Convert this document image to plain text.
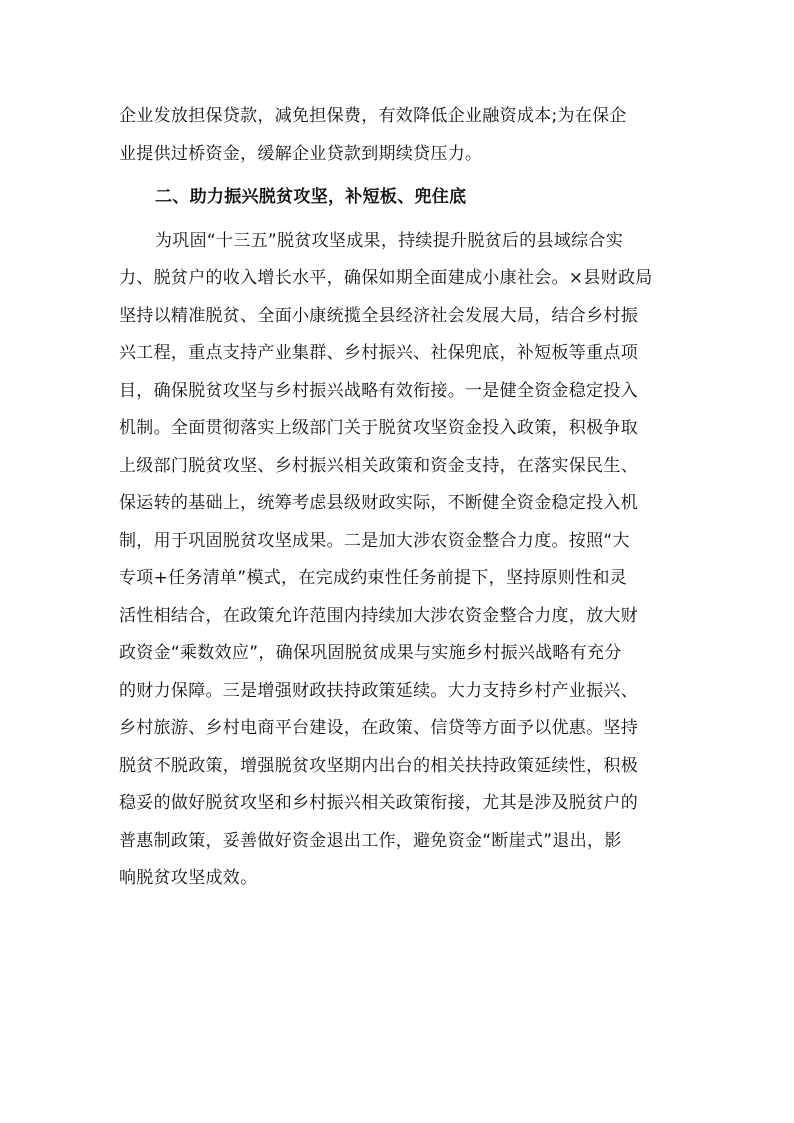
企业发放担保贷款，减免担保费，有效降低企业融资成本;为在保企
业提供过桥资金，缓解企业贷款到期续贷压力。
二、助力振兴脱贫攻坚，补短板、兜住底
为巩固“十三五”脱贫攻坚成果，持续提升脱贫后的县域综合实
力、脱贫户的收入增长水平，确保如期全面建成小康社会。×县财政局
坚持以精准脱贫、全面小康统揽全县经济社会发展大局，结合乡村振
兴工程，重点支持产业集群、乡村振兴、社保兜底，补短板等重点项
目，确保脱贫攻坚与乡村振兴战略有效衔接。一是健全资金稳定投入
机制。全面贯彻落实上级部门关于脱贫攻坚资金投入政策，积极争取
上级部门脱贫攻坚、乡村振兴相关政策和资金支持，在落实保民生、
保运转的基础上，统筹考虑县级财政实际，不断健全资金稳定投入机
制，用于巩固脱贫攻坚成果。二是加大涉农资金整合力度。按照“大
专项+任务清单”模式，在完成约束性任务前提下，坚持原则性和灵
活性相结合，在政策允许范围内持续加大涉农资金整合力度，放大财
政资金“乘数效应”，确保巩固脱贫成果与实施乡村振兴战略有充分
的财力保障。三是增强财政扶持政策延续。大力支持乡村产业振兴、
乡村旅游、乡村电商平台建设，在政策、信贷等方面予以优惠。坚持
脱贫不脱政策，增强脱贫攻坚期内出台的相关扶持政策延续性，积极
稳妥的做好脱贫攻坚和乡村振兴相关政策衔接，尤其是涉及脱贫户的
普惠制政策，妥善做好资金退出工作，避免资金“断崖式”退出，影
响脱贫攻坚成效。
